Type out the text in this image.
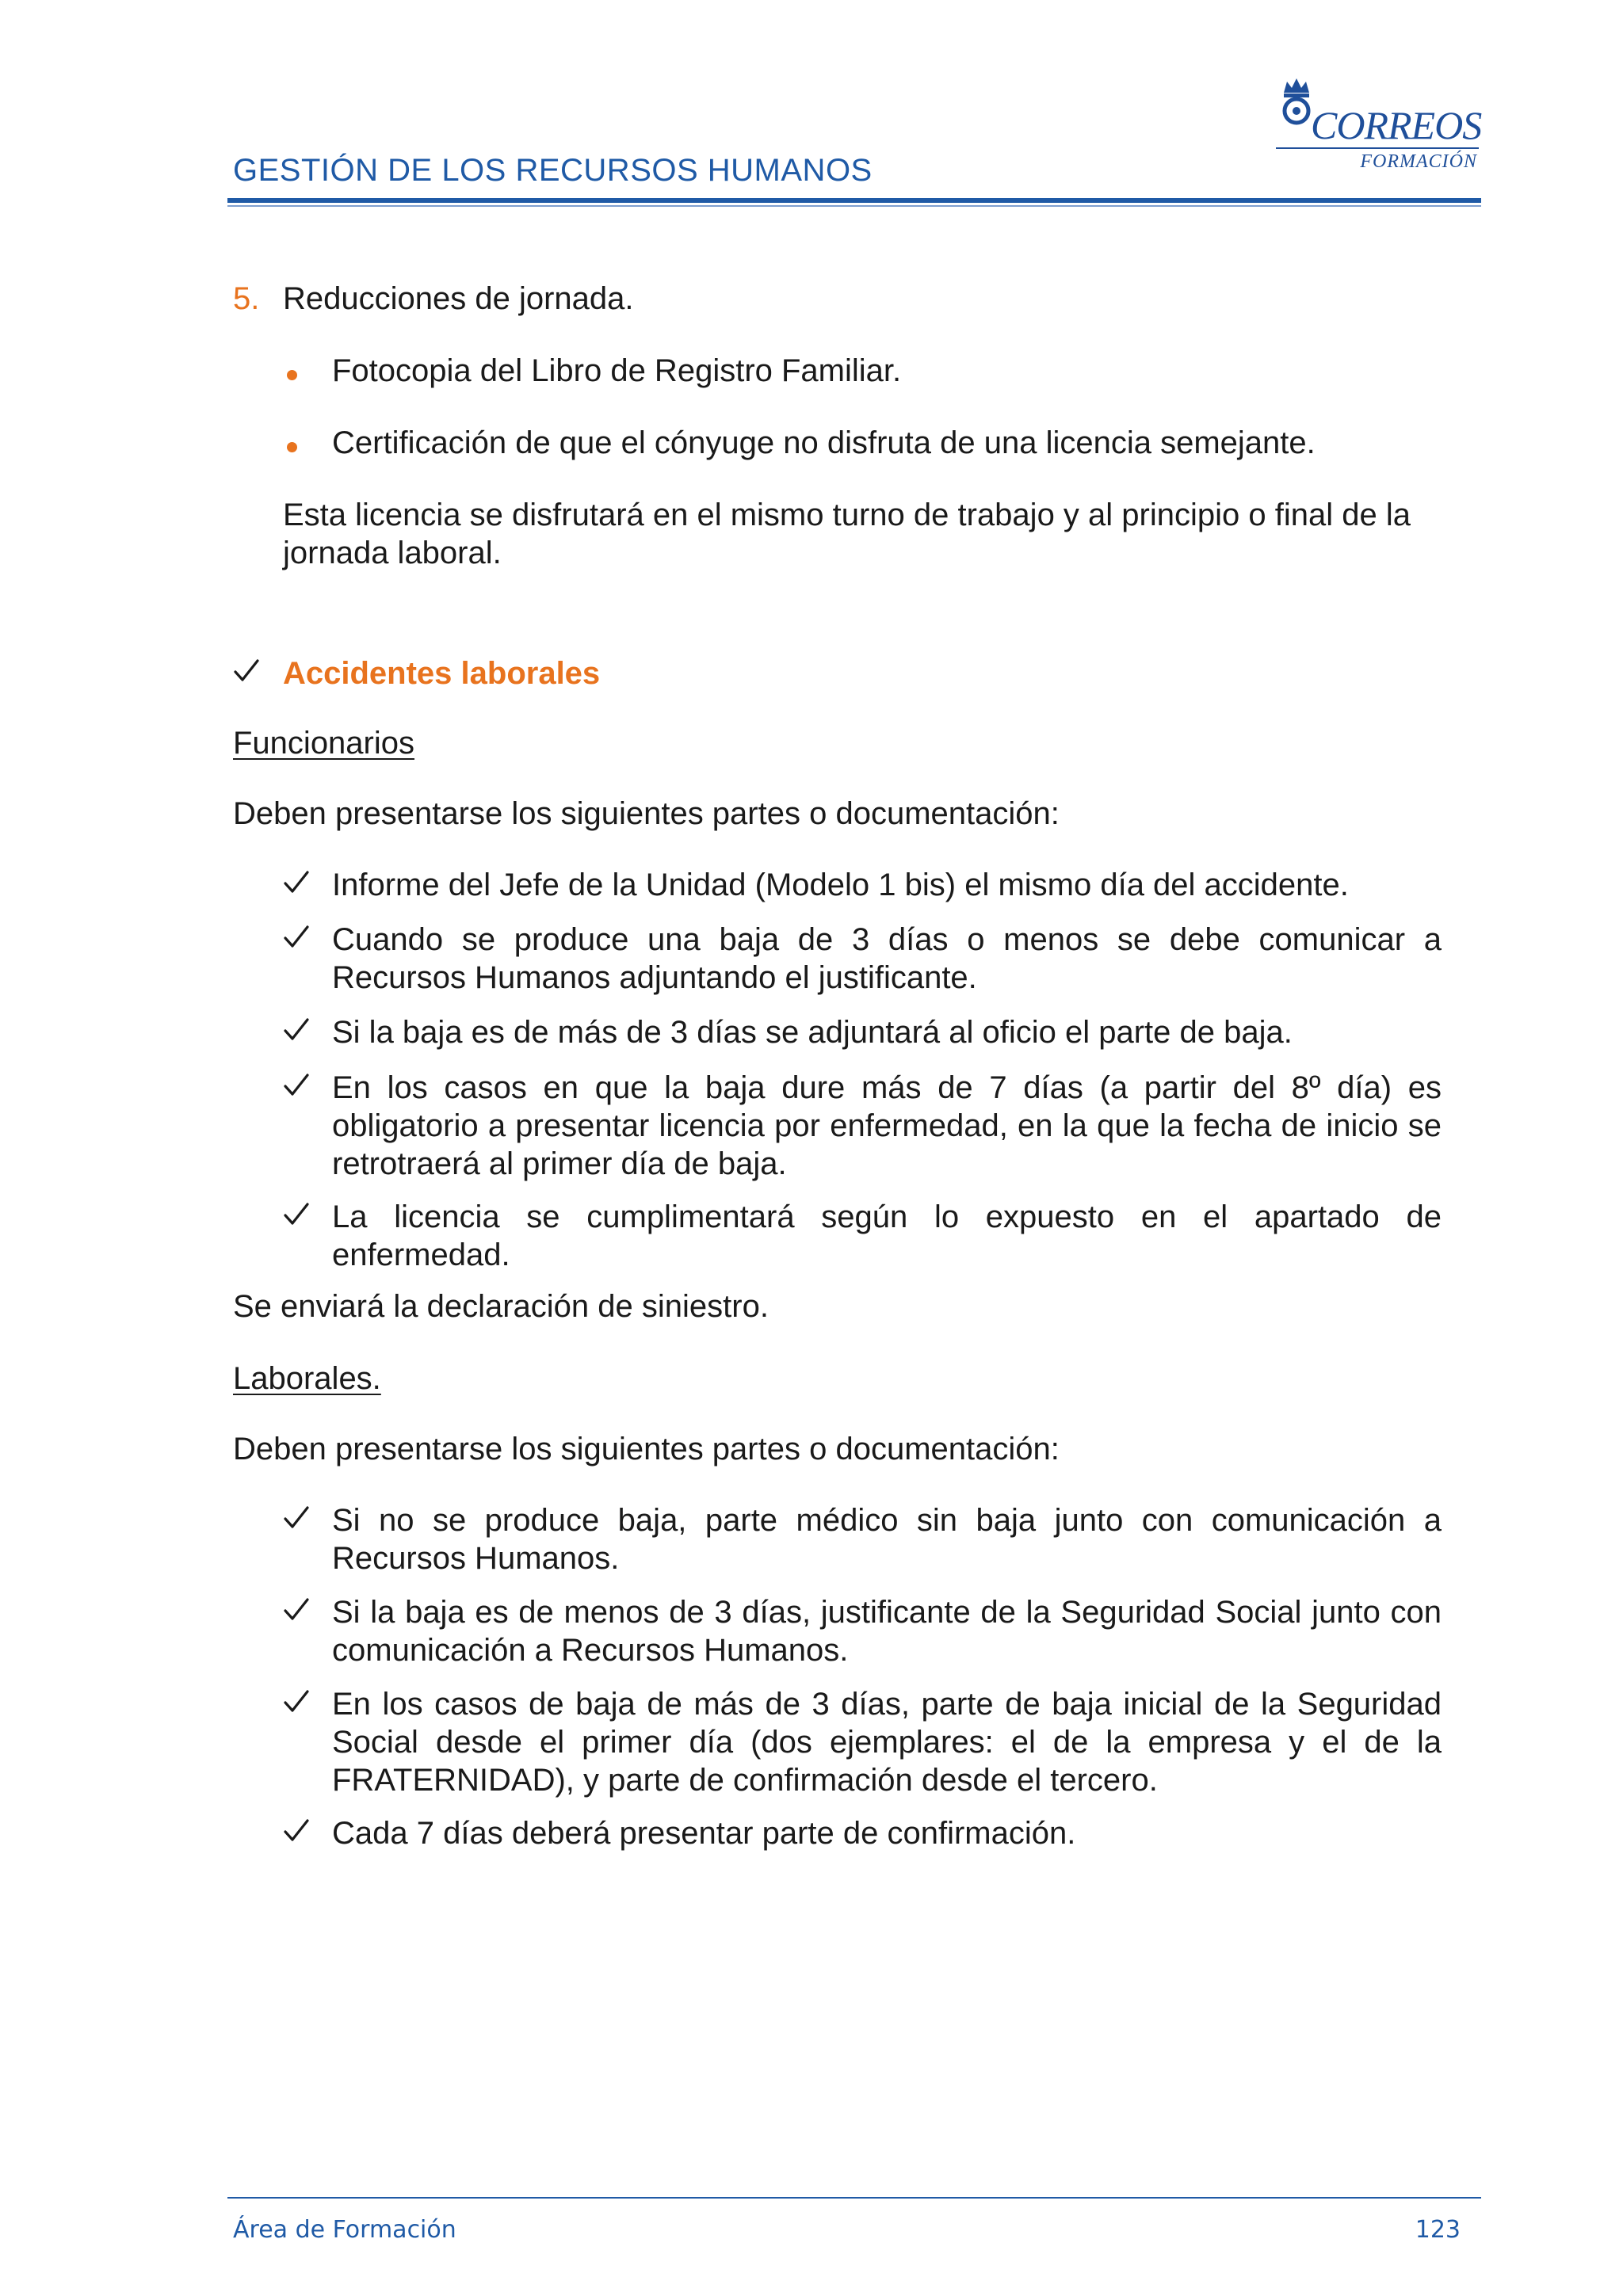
GESTIÓN DE LOS RECURSOS HUMANOS
CORREOS
FORMACIÓN
5. Reducciones de jornada.
Fotocopia del Libro de Registro Familiar.
Certificación de que el cónyuge no disfruta de una licencia semejante.
Esta licencia se disfrutará en el mismo turno de trabajo y al principio o final de la jornada laboral.
Accidentes laborales
Funcionarios
Deben presentarse los siguientes partes o documentación:
Informe del Jefe de la Unidad (Modelo 1 bis) el mismo día del accidente.
Cuando se produce una baja de 3 días o menos se debe comunicar a Recursos Humanos adjuntando el justificante.
Si la baja es de más de 3 días se adjuntará al oficio el parte de baja.
En los casos en que la baja dure más de 7 días (a partir del 8º día) es obligatorio a presentar licencia por enfermedad, en la que la fecha de inicio se retrotraerá al primer día de baja.
La licencia se cumplimentará según lo expuesto en el apartado de enfermedad.
Se enviará la declaración de siniestro.
Laborales.
Deben presentarse los siguientes partes o documentación:
Si no se produce baja, parte médico sin baja junto con comunicación a Recursos Humanos.
Si la baja es de menos de 3 días, justificante de la Seguridad Social junto con comunicación a Recursos Humanos.
En los casos de baja de más de 3 días, parte de baja inicial de la Seguridad Social desde el primer día (dos ejemplares: el de la empresa y el de la FRATERNIDAD), y parte de confirmación desde el tercero.
Cada 7 días deberá presentar parte de confirmación.
Área de Formación	123
